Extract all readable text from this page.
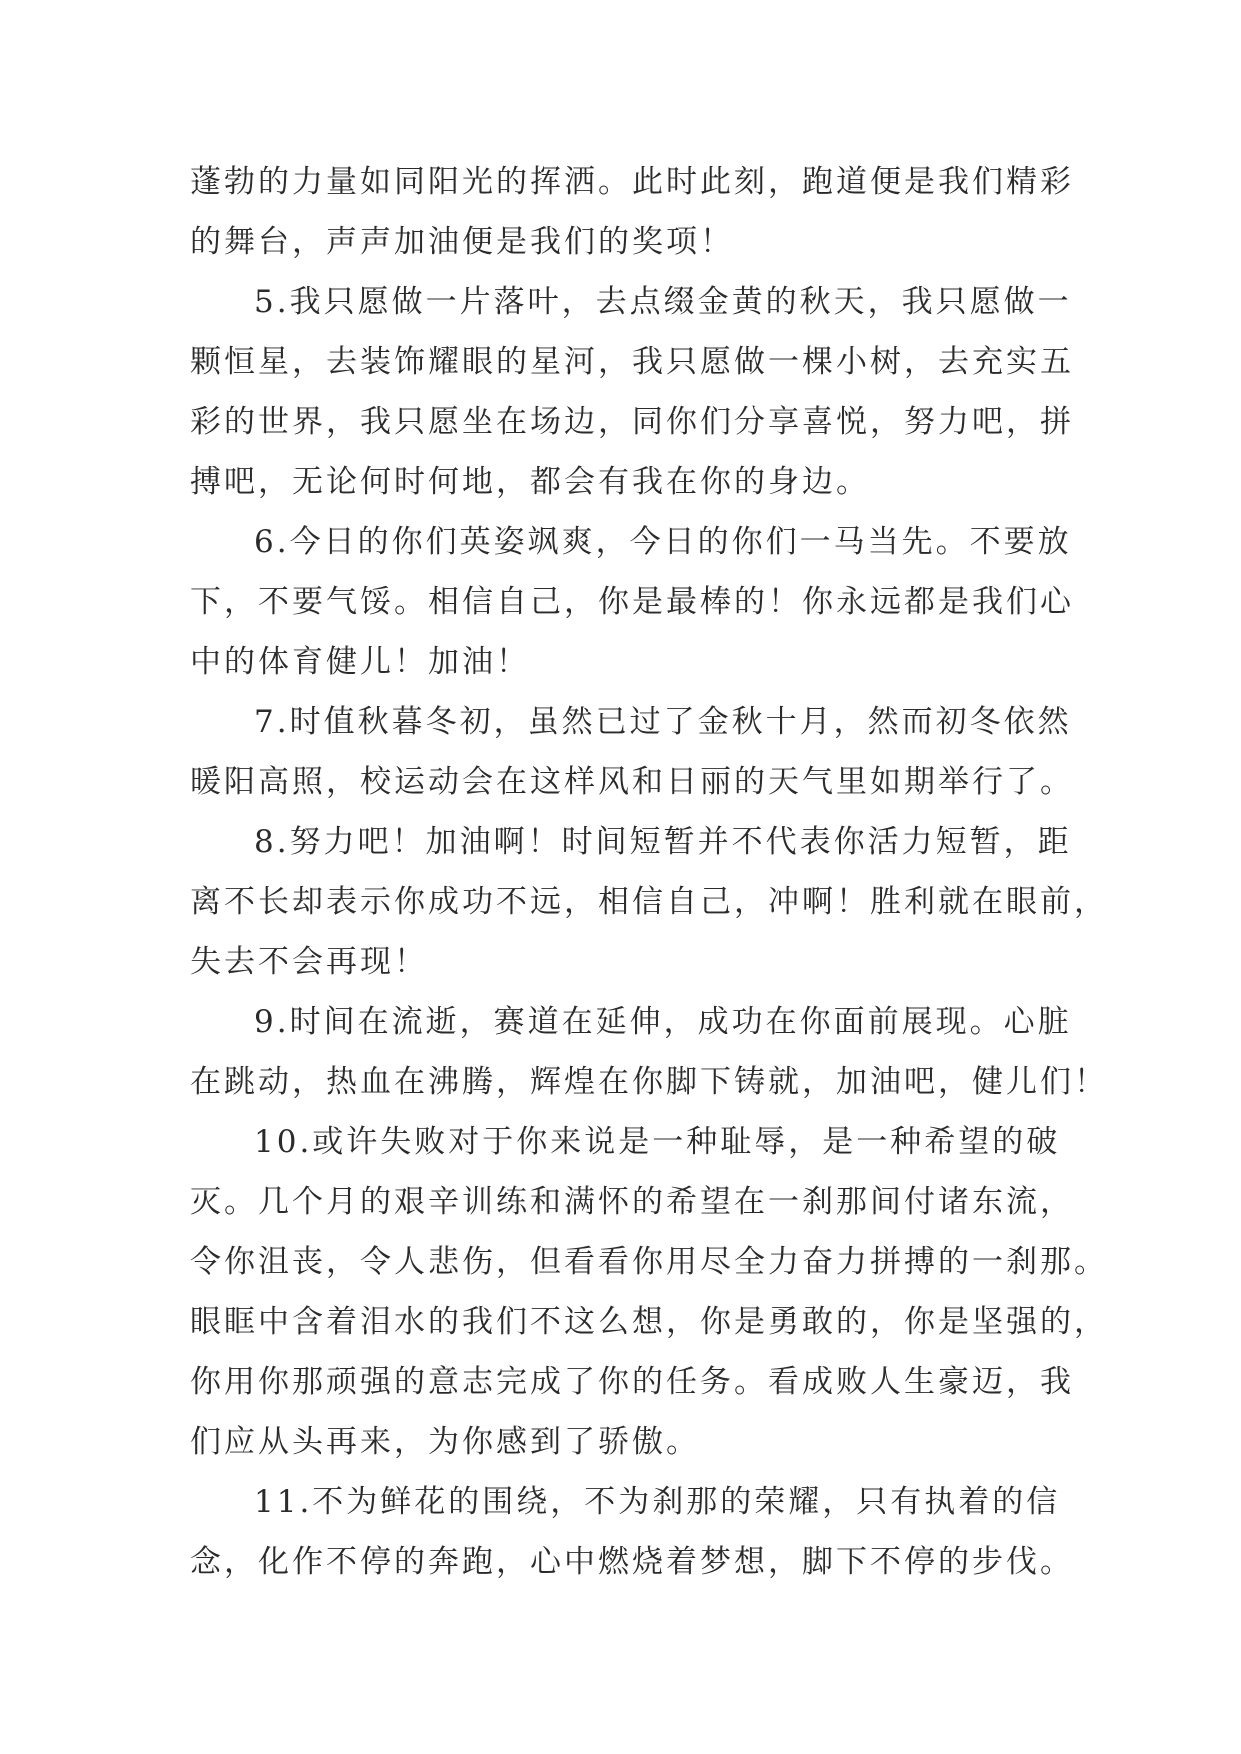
蓬勃的力量如同阳光的挥洒。此时此刻，跑道便是我们精彩
的舞台，声声加油便是我们的奖项！

5.我只愿做一片落叶，去点缀金黄的秋天，我只愿做一
颗恒星，去装饰耀眼的星河，我只愿做一棵小树，去充实五
彩的世界，我只愿坐在场边，同你们分享喜悦，努力吧，拼
搏吧，无论何时何地，都会有我在你的身边。

6.今日的你们英姿飒爽，今日的你们一马当先。不要放
下，不要气馁。相信自己，你是最棒的！你永远都是我们心
中的体育健儿！加油！

7.时值秋暮冬初，虽然已过了金秋十月，然而初冬依然
暖阳高照，校运动会在这样风和日丽的天气里如期举行了。

8.努力吧！加油啊！时间短暂并不代表你活力短暂，距
离不长却表示你成功不远，相信自己，冲啊！胜利就在眼前，
失去不会再现！

9.时间在流逝，赛道在延伸，成功在你面前展现。心脏
在跳动，热血在沸腾，辉煌在你脚下铸就，加油吧，健儿们！

10.或许失败对于你来说是一种耻辱，是一种希望的破
灭。几个月的艰辛训练和满怀的希望在一刹那间付诸东流，
令你沮丧，令人悲伤，但看看你用尽全力奋力拼搏的一刹那。
眼眶中含着泪水的我们不这么想，你是勇敢的，你是坚强的，
你用你那顽强的意志完成了你的任务。看成败人生豪迈，我
们应从头再来，为你感到了骄傲。

11.不为鲜花的围绕，不为刹那的荣耀，只有执着的信
念，化作不停的奔跑，心中燃烧着梦想，脚下不停的步伐。
